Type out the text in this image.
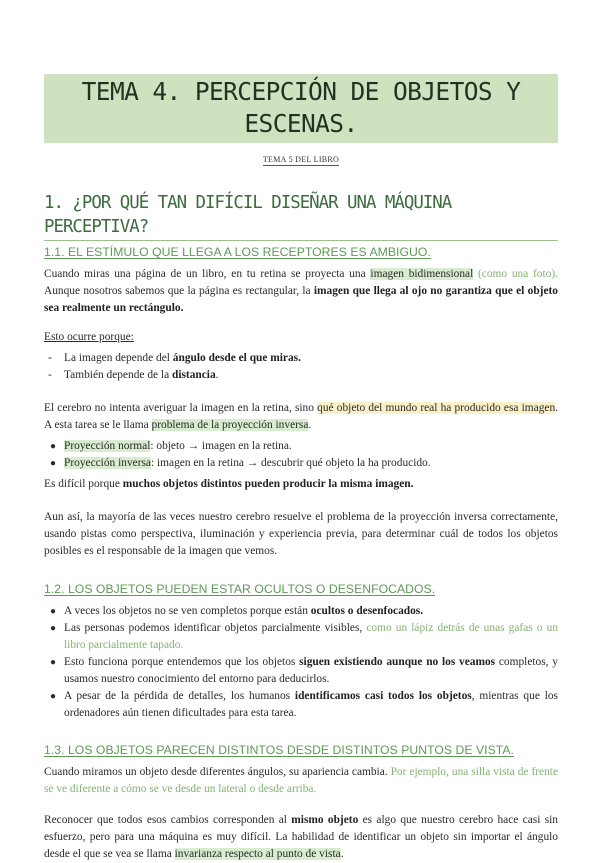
TEMA 4. PERCEPCIÓN DE OBJETOS Y ESCENAS.
TEMA 5 DEL LIBRO
1. ¿POR QUÉ TAN DIFÍCIL DISEÑAR UNA MÁQUINA PERCEPTIVA?
1.1. EL ESTÍMULO QUE LLEGA A LOS RECEPTORES ES AMBIGUO.

Cuando miras una página de un libro, en tu retina se proyecta una imagen bidimensional (como una foto). Aunque nosotros sabemos que la página es rectangular, la imagen que llega al ojo no garantiza que el objeto sea realmente un rectángulo.

Esto ocurre porque:

- La imagen depende del ángulo desde el que miras.
- También depende de la distancia.

El cerebro no intenta averiguar la imagen en la retina, sino qué objeto del mundo real ha producido esa imagen. A esta tarea se le llama problema de la proyección inversa.

● Proyección normal: objeto → imagen en la retina.
● Proyección inversa: imagen en la retina → descubrir qué objeto la ha producido.

Es difícil porque muchos objetos distintos pueden producir la misma imagen.

Aun así, la mayoría de las veces nuestro cerebro resuelve el problema de la proyección inversa correctamente, usando pistas como perspectiva, iluminación y experiencia previa, para determinar cuál de todos los objetos posibles es el responsable de la imagen que vemos.

1.2. LOS OBJETOS PUEDEN ESTAR OCULTOS O DESENFOCADOS.
● A veces los objetos no se ven completos porque están ocultos o desenfocados.
● Las personas podemos identificar objetos parcialmente visibles, como un lápiz detrás de unas gafas o un libro parcialmente tapado.
● Esto funciona porque entendemos que los objetos siguen existiendo aunque no los veamos completos, y usamos nuestro conocimiento del entorno para deducirlos.
● A pesar de la pérdida de detalles, los humanos identificamos casi todos los objetos, mientras que los ordenadores aún tienen dificultades para esta tarea.
1.3. LOS OBJETOS PARECEN DISTINTOS DESDE DISTINTOS PUNTOS DE VISTA.

Cuando miramos un objeto desde diferentes ángulos, su apariencia cambia. Por ejemplo, una silla vista de frente se ve diferente a cómo se ve desde un lateral o desde arriba.

Reconocer que todos esos cambios corresponden al mismo objeto es algo que nuestro cerebro hace casi sin esfuerzo, pero para una máquina es muy difícil. La habilidad de identificar un objeto sin importar el ángulo desde el que se vea se llama invarianza respecto al punto de vista.
